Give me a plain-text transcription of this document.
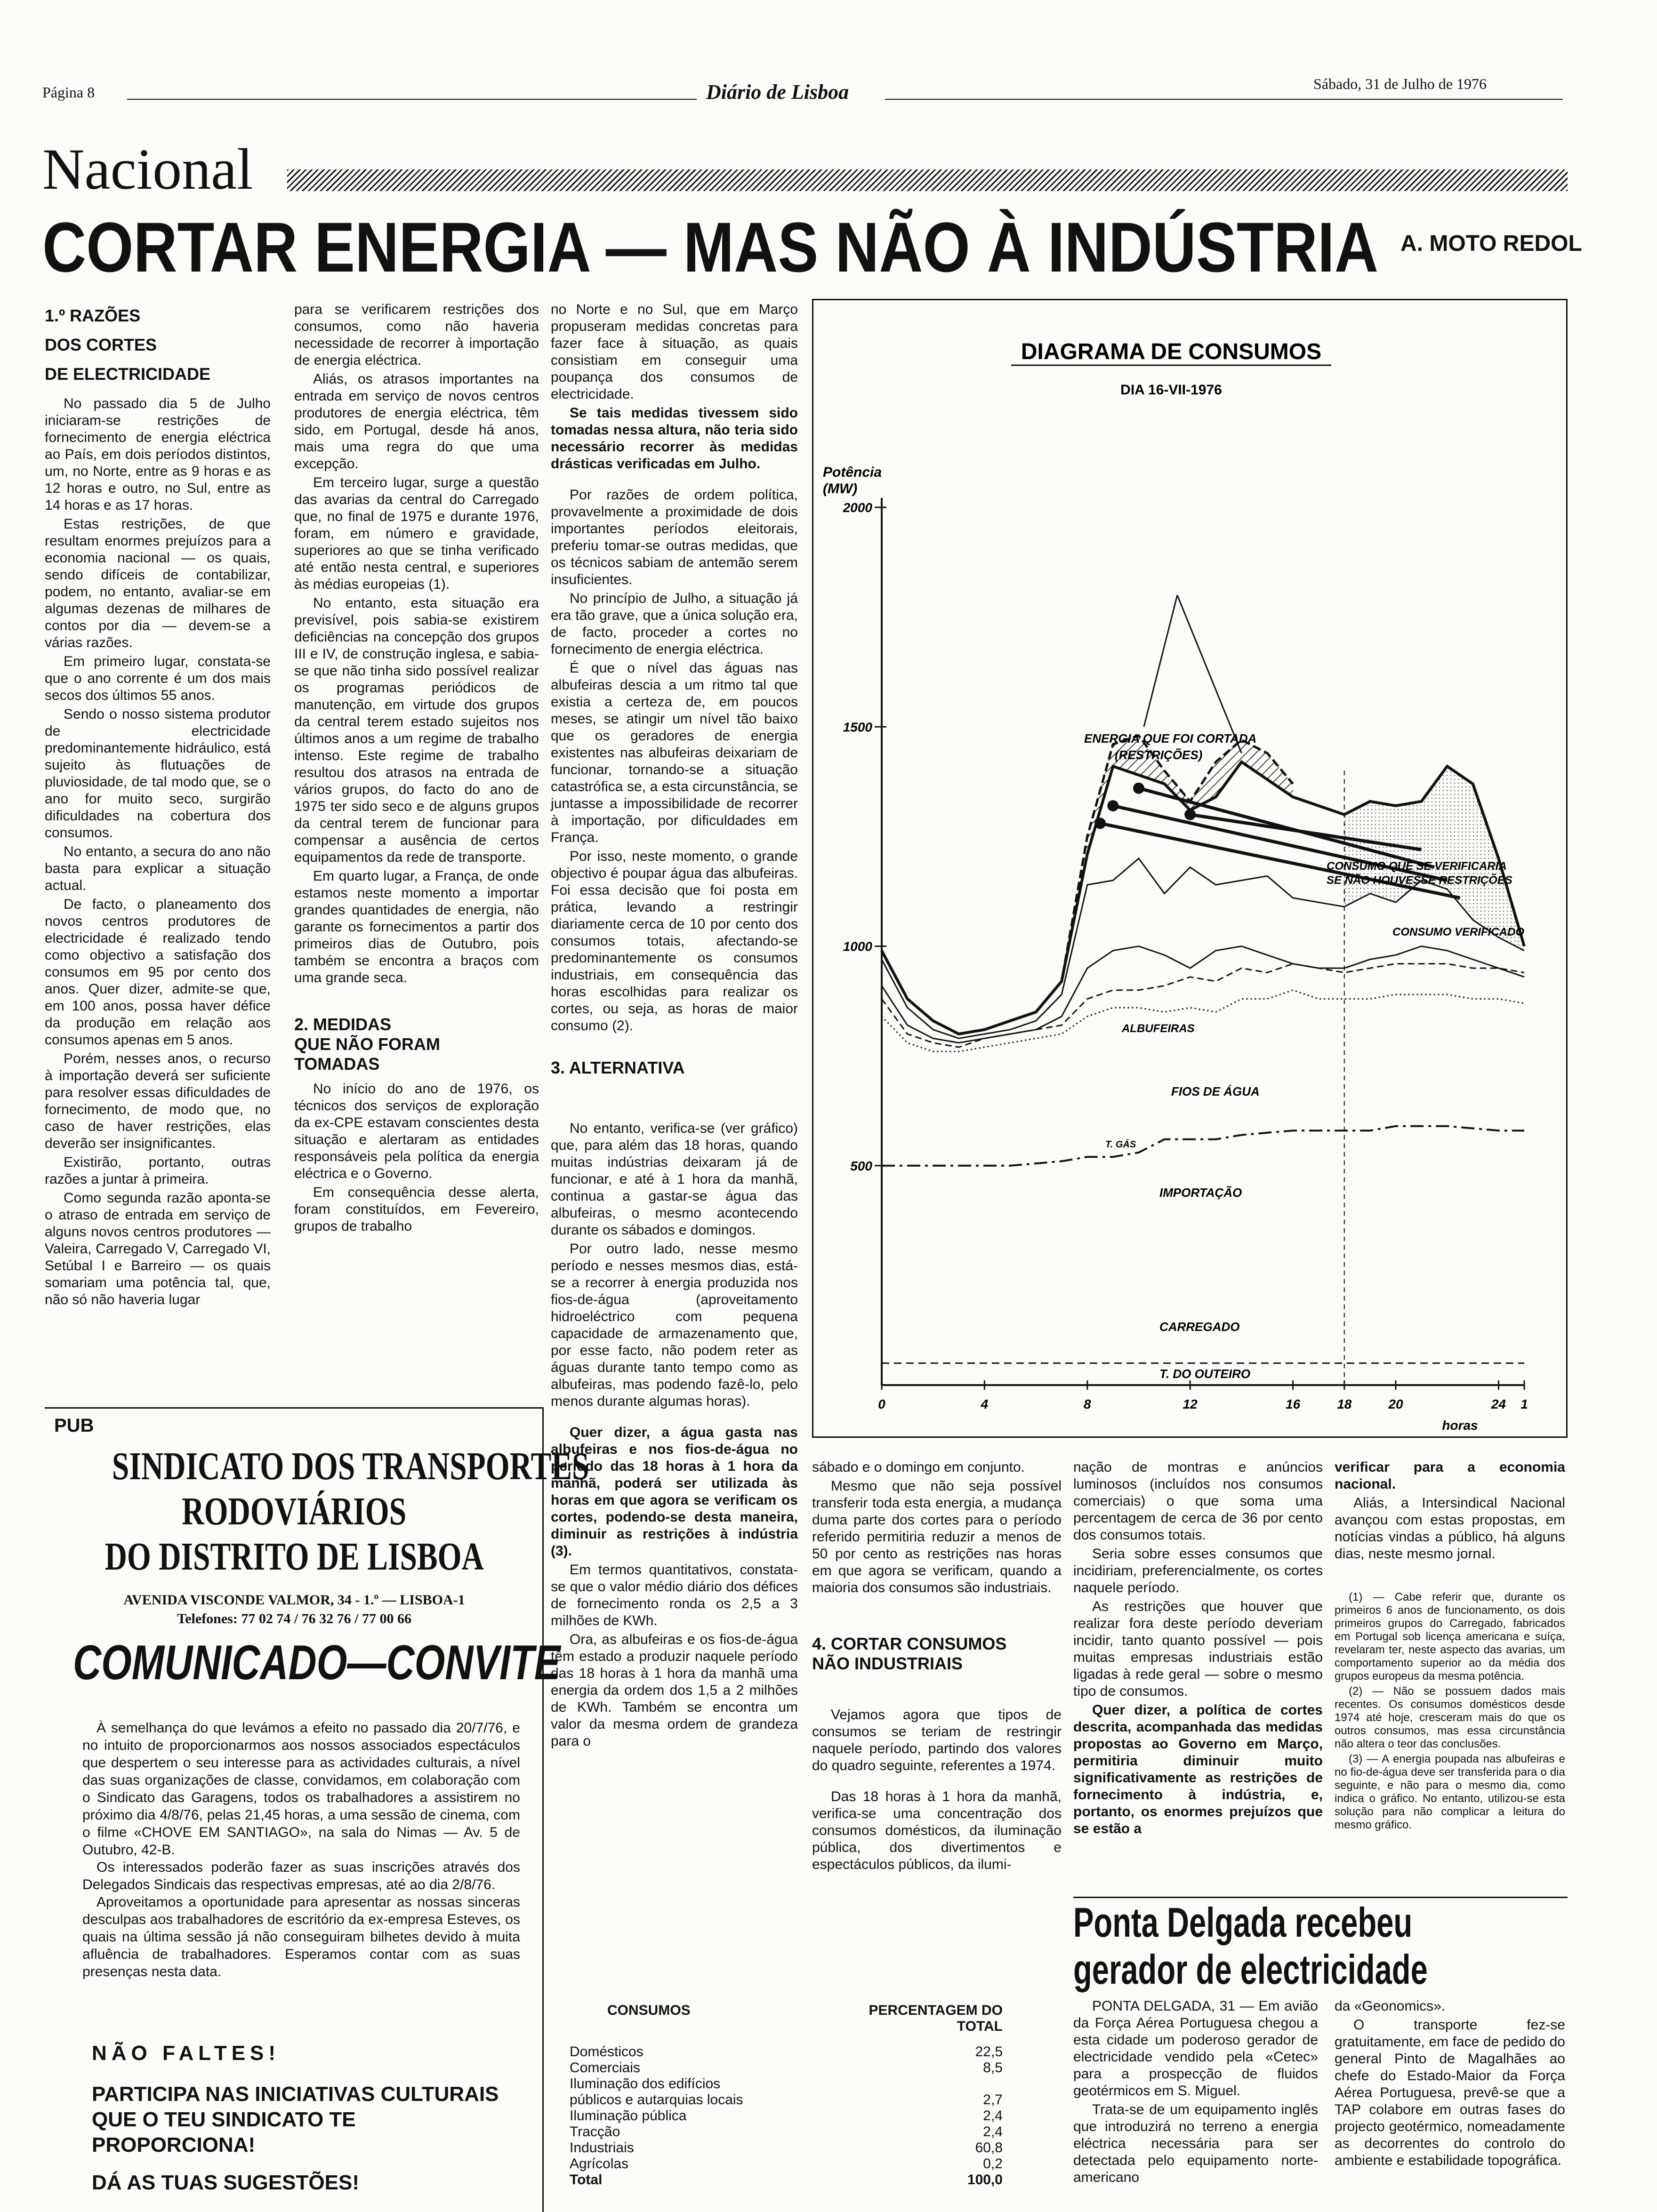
Página 8	Diário de Lisboa	Sábado, 31 de Julho de 1976
Nacional
CORTAR ENERGIA — MAS NÃO À INDÚSTRIA A. MOTO REDOL
1.º RAZÕES
DOS CORTES
DE ELECTRICIDADE

No passado dia 5 de Julho iniciaram-se restrições de fornecimento de energia eléctrica ao País, em dois períodos distintos, um, no Norte, entre as 9 horas e as 12 horas e outro, no Sul, entre as 14 horas e as 17 horas.

Estas restrições, de que resultam enormes prejuízos para a economia nacional — os quais, sendo difíceis de contabilizar, podem, no entanto, avaliar-se em algumas dezenas de milhares de contos por dia — devem-se a várias razões.

Em primeiro lugar, constata-se que o ano corrente é um dos mais secos dos últimos 55 anos.

Sendo o nosso sistema produtor de electricidade predominantemente hidráulico, está sujeito às flutuações de pluviosidade, de tal modo que, se o ano for muito seco, surgirão dificuldades na cobertura dos consumos.

No entanto, a secura do ano não basta para explicar a situação actual.

De facto, o planeamento dos novos centros produtores de electricidade é realizado tendo como objectivo a satisfação dos consumos em 95 por cento dos anos. Quer dizer, admite-se que, em 100 anos, possa haver défice da produção em relação aos consumos apenas em 5 anos.

Porém, nesses anos, o recurso à importação deverá ser suficiente para resolver essas dificuldades de fornecimento, de modo que, no caso de haver restrições, elas deverão ser insignificantes.

Existirão, portanto, outras razões a juntar à primeira.

Como segunda razão aponta-se o atraso de entrada em serviço de alguns novos centros produtores — Valeira, Carregado V, Carregado VI, Setúbal I e Barreiro — os quais somariam uma potência tal, que, não só não haveria lugar

para se verificarem restrições dos consumos, como não haveria necessidade de recorrer à importação de energia eléctrica.

Aliás, os atrasos importantes na entrada em serviço de novos centros produtores de energia eléctrica, têm sido, em Portugal, desde há anos, mais uma regra do que uma excepção.

Em terceiro lugar, surge a questão das avarias da central do Carregado que, no final de 1975 e durante 1976, foram, em número e gravidade, superiores ao que se tinha verificado até então nesta central, e superiores às médias europeias (1).

No entanto, esta situação era previsível, pois sabia-se existirem deficiências na concepção dos grupos III e IV, de construção inglesa, e sabia-se que não tinha sido possível realizar os programas periódicos de manutenção, em virtude dos grupos da central terem estado sujeitos nos últimos anos a um regime de trabalho intenso. Este regime de trabalho resultou dos atrasos na entrada de vários grupos, do facto do ano de 1975 ter sido seco e de alguns grupos da central terem de funcionar para compensar a ausência de certos equipamentos da rede de transporte.

Em quarto lugar, a França, de onde estamos neste momento a importar grandes quantidades de energia, não garante os fornecimentos a partir dos primeiros dias de Outubro, pois também se encontra a braços com uma grande seca.

2. MEDIDAS
QUE NÃO FORAM
TOMADAS

No início do ano de 1976, os técnicos dos serviços de exploração da ex-CPE estavam conscientes desta situação e alertaram as entidades responsáveis pela política da energia eléctrica e o Governo.

Em consequência desse alerta, foram constituídos, em Fevereiro, grupos de trabalho

no Norte e no Sul, que em Março propuseram medidas concretas para fazer face à situação, as quais consistiam em conseguir uma poupança dos consumos de electricidade.

Se tais medidas tivessem sido tomadas nessa altura, não teria sido necessário recorrer às medidas drásticas verificadas em Julho.

Por razões de ordem política, provavelmente a proximidade de dois importantes períodos eleitorais, preferiu tomar-se outras medidas, que os técnicos sabiam de antemão serem insuficientes.

No princípio de Julho, a situação já era tão grave, que a única solução era, de facto, proceder a cortes no fornecimento de energia eléctrica.

É que o nível das águas nas albufeiras descia a um ritmo tal que existia a certeza de, em poucos meses, se atingir um nível tão baixo que os geradores de energia existentes nas albufeiras deixariam de funcionar, tornando-se a situação catastrófica se, a esta circunstância, se juntasse a impossibilidade de recorrer à importação, por dificuldades em França.

Por isso, neste momento, o grande objectivo é poupar água das albufeiras. Foi essa decisão que foi posta em prática, levando a restringir diariamente cerca de 10 por cento dos consumos totais, afectando-se predominantemente os consumos industriais, em consequência das horas escolhidas para realizar os cortes, ou seja, as horas de maior consumo (2).

3. ALTERNATIVA

No entanto, verifica-se (ver gráfico) que, para além das 18 horas, quando muitas indústrias deixaram já de funcionar, e até à 1 hora da manhã, continua a gastar-se água das albufeiras, o mesmo acontecendo durante os sábados e domingos.

Por outro lado, nesse mesmo período e nesses mesmos dias, está-se a recorrer à energia produzida nos fios-de-água (aproveitamento hidroeléctrico com pequena capacidade de armazenamento que, por esse facto, não podem reter as águas durante tanto tempo como as albufeiras, mas podendo fazê-lo, pelo menos durante algumas horas).

Quer dizer, a água gasta nas albufeiras e nos fios-de-água no período das 18 horas à 1 hora da manhã, poderá ser utilizada às horas em que agora se verificam os cortes, podendo-se desta maneira, diminuir as restrições à indústria (3).

Em termos quantitativos, constata-se que o valor médio diário dos défices de fornecimento ronda os 2,5 a 3 milhões de KWh.

Ora, as albufeiras e os fios-de-água têm estado a produzir naquele período das 18 horas à 1 hora da manhã uma energia da ordem dos 1,5 a 2 milhões de KWh. Também se encontra um valor da mesma ordem de grandeza para o

DIAGRAMA DE CONSUMOS
DIA 16-VII-1976
Potência
(MW)
2000
1500
1000
500
0	4	8	12	16	18	20	24 1
horas
ENERGIA QUE FOI CORTADA
(RESTRIÇÕES)
CONSUMO QUE SE VERIFICARIA
SE NÃO HOUVESSE RESTRIÇÕES
CONSUMO VERIFICADO
ALBUFEIRAS
FIOS DE ÁGUA
T. GÁS
IMPORTAÇÃO
CARREGADO
T. DO OUTEIRO
PUB
SINDICATO DOS TRANSPORTES
RODOVIÁRIOS
DO DISTRITO DE LISBOA
AVENIDA VISCONDE VALMOR, 34 - 1.º — LISBOA-1
Telefones: 77 02 74 / 76 32 76 / 77 00 66
COMUNICADO—CONVITE

À semelhança do que levámos a efeito no passado dia 20/7/76, e no intuito de proporcionarmos aos nossos associados espectáculos que despertem o seu interesse para as actividades culturais, a nível das suas organizações de classe, convidamos, em colaboração com o Sindicato das Garagens, todos os trabalhadores a assistirem no próximo dia 4/8/76, pelas 21,45 horas, a uma sessão de cinema, com o filme «CHOVE EM SANTIAGO», na sala do Nimas — Av. 5 de Outubro, 42-B.

Os interessados poderão fazer as suas inscrições através dos Delegados Sindicais das respectivas empresas, até ao dia 2/8/76.

Aproveitamos a oportunidade para apresentar as nossas sinceras desculpas aos trabalhadores de escritório da ex-empresa Esteves, os quais na última sessão já não conseguiram bilhetes devido à muita afluência de trabalhadores. Esperamos contar com as suas presenças nesta data.

NÃO FALTES!
PARTICIPA NAS INICIATIVAS CULTURAIS QUE O TEU SINDICATO TE PROPORCIONA!
DÁ AS TUAS SUGESTÕES!

sábado e o domingo em conjunto.

Mesmo que não seja possível transferir toda esta energia, a mudança duma parte dos cortes para o período referido permitiria reduzir a menos de 50 por cento as restrições nas horas em que agora se verificam, quando a maioria dos consumos são industriais.

4. CORTAR CONSUMOS
NÃO INDUSTRIAIS

Vejamos agora que tipos de consumos se teriam de restringir naquele período, partindo dos valores do quadro seguinte, referentes a 1974.

Das 18 horas à 1 hora da manhã, verifica-se uma concentração dos consumos domésticos, da iluminação pública, dos divertimentos e espectáculos públicos, da ilumi-

nação de montras e anúncios luminosos (incluídos nos consumos comerciais) o que soma uma percentagem de cerca de 36 por cento dos consumos totais.

Seria sobre esses consumos que incidiriam, preferencialmente, os cortes naquele período.

As restrições que houver que realizar fora deste período deveriam incidir, tanto quanto possível — pois muitas empresas industriais estão ligadas à rede geral — sobre o mesmo tipo de consumos.

Quer dizer, a política de cortes descrita, acompanhada das medidas propostas ao Governo em Março, permitiria diminuir muito significativamente as restrições de fornecimento à indústria, e, portanto, os enormes prejuízos que se estão a

verificar para a economia nacional.

Aliás, a Intersindical Nacional avançou com estas propostas, em notícias vindas a público, há alguns dias, neste mesmo jornal.

(1) — Cabe referir que, durante os primeiros 6 anos de funcionamento, os dois primeiros grupos do Carregado, fabricados em Portugal sob licença americana e suíça, revelaram ter, neste aspecto das avarias, um comportamento superior ao da média dos grupos europeus da mesma potência.

(2) — Não se possuem dados mais recentes. Os consumos domésticos desde 1974 até hoje, cresceram mais do que os outros consumos, mas essa circunstância não altera o teor das conclusões.

(3) — A energia poupada nas albufeiras e no fio-de-água deve ser transferida para o dia seguinte, e não para o mesmo dia, como indica o gráfico. No entanto, utilizou-se esta solução para não complicar a leitura do mesmo gráfico.

CONSUMOS	PERCENTAGEM DO TOTAL
Domésticos	22,5
Comerciais	8,5
Iluminação dos edifícios
públicos e autarquias locais	2,7
Iluminação pública	2,4
Tracção	2,4
Industriais	60,8
Agrícolas	0,2
Total	100,0
Ponta Delgada recebeu
gerador de electricidade

PONTA DELGADA, 31 — Em avião da Força Aérea Portuguesa chegou a esta cidade um poderoso gerador de electricidade vendido pela «Cetec» para a prospecção de fluidos geotérmicos em S. Miguel.

Trata-se de um equipamento inglês que introduzirá no terreno a energia eléctrica necessária para ser detectada pelo equipamento norte-americano

da «Geonomics».

O transporte fez-se gratuitamente, em face de pedido do general Pinto de Magalhães ao chefe do Estado-Maior da Força Aérea Portuguesa, prevê-se que a TAP colabore em outras fases do projecto geotérmico, nomeadamente as decorrentes do controlo do ambiente e estabilidade topográfica.
